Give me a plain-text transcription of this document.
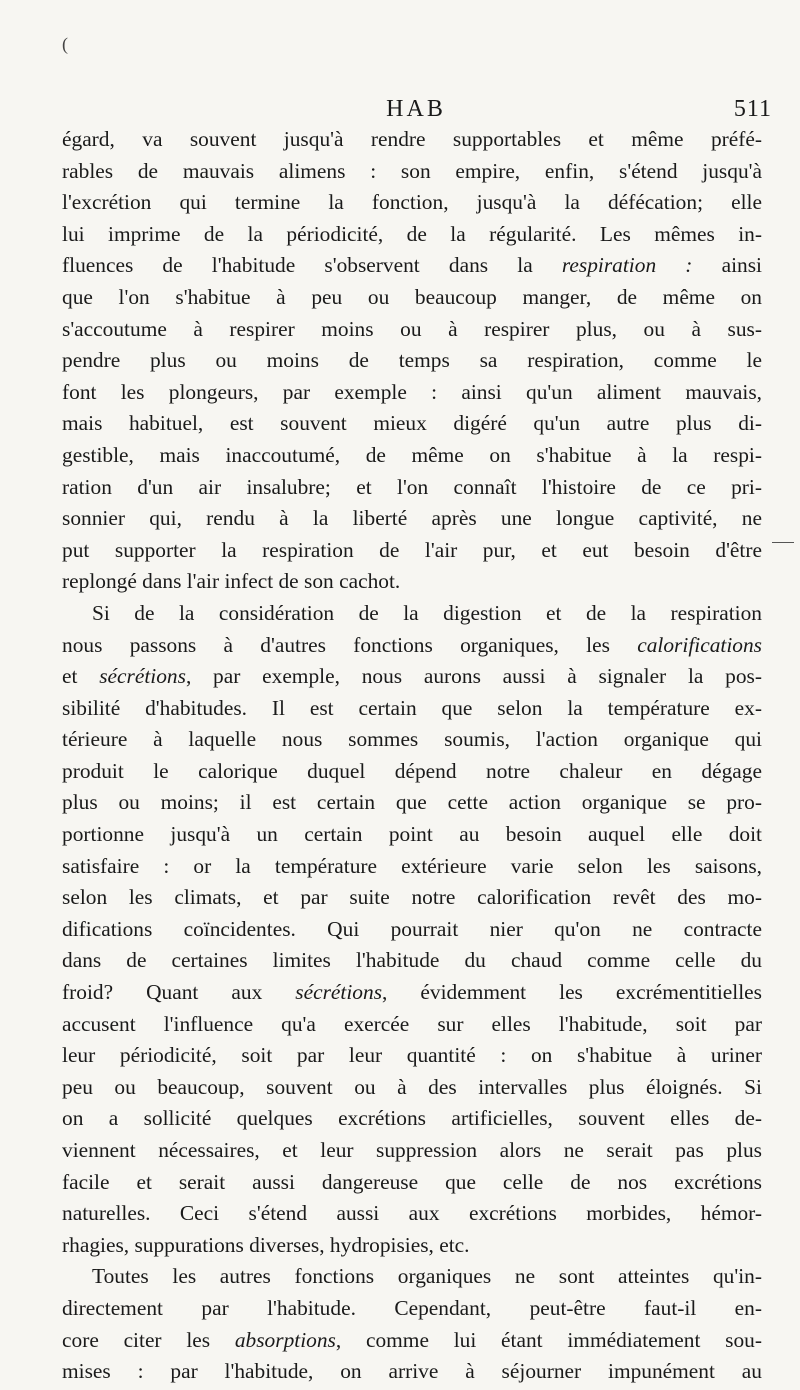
(
HAB	511
égard, va souvent jusqu'à rendre supportables et même préfé-
rables de mauvais alimens : son empire, enfin, s'étend jusqu'à
l'excrétion qui termine la fonction, jusqu'à la défécation; elle
lui imprime de la périodicité, de la régularité. Les mêmes in-
fluences de l'habitude s'observent dans la respiration : ainsi
que l'on s'habitue à peu ou beaucoup manger, de même on
s'accoutume à respirer moins ou à respirer plus, ou à sus-
pendre plus ou moins de temps sa respiration, comme le
font les plongeurs, par exemple : ainsi qu'un aliment mauvais,
mais habituel, est souvent mieux digéré qu'un autre plus di-
gestible, mais inaccoutumé, de même on s'habitue à la respi-
ration d'un air insalubre; et l'on connaît l'histoire de ce pri-
sonnier qui, rendu à la liberté après une longue captivité, ne
put supporter la respiration de l'air pur, et eut besoin d'être
replongé dans l'air infect de son cachot.
Si de la considération de la digestion et de la respiration
nous passons à d'autres fonctions organiques, les calorifications
et sécrétions, par exemple, nous aurons aussi à signaler la pos-
sibilité d'habitudes. Il est certain que selon la température ex-
térieure à laquelle nous sommes soumis, l'action organique qui
produit le calorique duquel dépend notre chaleur en dégage
plus ou moins; il est certain que cette action organique se pro-
portionne jusqu'à un certain point au besoin auquel elle doit
satisfaire : or la température extérieure varie selon les saisons,
selon les climats, et par suite notre calorification revêt des mo-
difications coïncidentes. Qui pourrait nier qu'on ne contracte
dans de certaines limites l'habitude du chaud comme celle du
froid? Quant aux sécrétions, évidemment les excrémentitielles
accusent l'influence qu'a exercée sur elles l'habitude, soit par
leur périodicité, soit par leur quantité : on s'habitue à uriner
peu ou beaucoup, souvent ou à des intervalles plus éloignés. Si
on a sollicité quelques excrétions artificielles, souvent elles de-
viennent nécessaires, et leur suppression alors ne serait pas plus
facile et serait aussi dangereuse que celle de nos excrétions
naturelles. Ceci s'étend aussi aux excrétions morbides, hémor-
rhagies, suppurations diverses, hydropisies, etc.
Toutes les autres fonctions organiques ne sont atteintes qu'in-
directement par l'habitude. Cependant, peut-être faut-il en-
core citer les absorptions, comme lui étant immédiatement sou-
mises : par l'habitude, on arrive à séjourner impunément au
